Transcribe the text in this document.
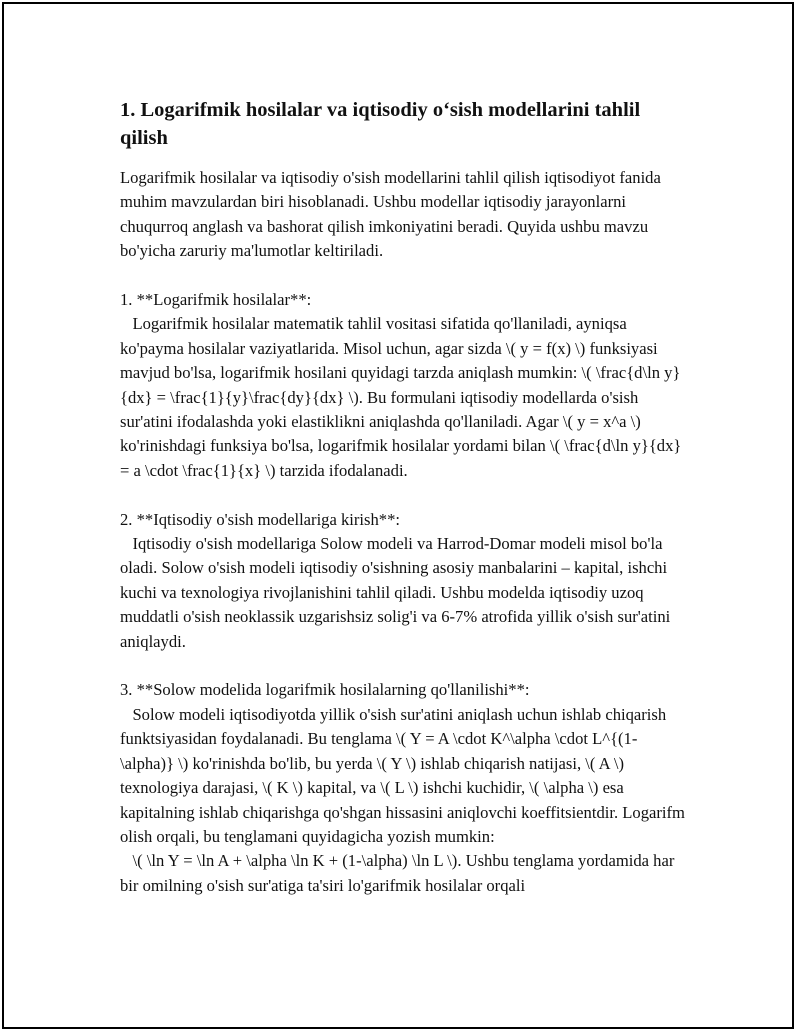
1. Logarifmik hosilalar va iqtisodiy o‘sish modellarini tahlil qilish

Logarifmik hosilalar va iqtisodiy o'sish modellarini tahlil qilish iqtisodiyot fanida muhim mavzulardan biri hisoblanadi. Ushbu modellar iqtisodiy jarayonlarni chuqurroq anglash va bashorat qilish imkoniyatini beradi. Quyida ushbu mavzu bo'yicha zaruriy ma'lumotlar keltiriladi.

1. **Logarifmik hosilalar**:

Logarifmik hosilalar matematik tahlil vositasi sifatida qo'llaniladi, ayniqsa ko'payma hosilalar vaziyatlarida. Misol uchun, agar sizda \( y = f(x) \) funksiyasi mavjud bo'lsa, logarifmik hosilani quyidagi tarzda aniqlash mumkin: \( \frac{d\ln y}{dx} = \frac{1}{y}\frac{dy}{dx} \). Bu formulani iqtisodiy modellarda o'sish sur'atini ifodalashda yoki elastiklikni aniqlashda qo'llaniladi. Agar \( y = x^a \) ko'rinishdagi funksiya bo'lsa, logarifmik hosilalar yordami bilan \( \frac{d\ln y}{dx} = a \cdot \frac{1}{x} \) tarzida ifodalanadi.

2. **Iqtisodiy o'sish modellariga kirish**:

Iqtisodiy o'sish modellariga Solow modeli va Harrod-Domar modeli misol bo'la oladi. Solow o'sish modeli iqtisodiy o'sishning asosiy manbalarini – kapital, ishchi kuchi va texnologiya rivojlanishini tahlil qiladi. Ushbu modelda iqtisodiy uzoq muddatli o'sish neoklassik uzgarishsiz solig'i va 6-7% atrofida yillik o'sish sur'atini aniqlaydi.

3. **Solow modelida logarifmik hosilalarning qo'llanilishi**:

Solow modeli iqtisodiyotda yillik o'sish sur'atini aniqlash uchun ishlab chiqarish funktsiyasidan foydalanadi. Bu tenglama \( Y = A \cdot K^\alpha \cdot L^{(1-\alpha)} \) ko'rinishda bo'lib, bu yerda \( Y \) ishlab chiqarish natijasi, \( A \) texnologiya darajasi, \( K \) kapital, va \( L \) ishchi kuchidir, \( \alpha \) esa kapitalning ishlab chiqarishga qo'shgan hissasini aniqlovchi koeffitsientdir. Logarifm olish orqali, bu tenglamani quyidagicha yozish mumkin:

\( \ln Y = \ln A + \alpha \ln K + (1-\alpha) \ln L \). Ushbu tenglama yordamida har bir omilning o'sish sur'atiga ta'siri lo'garifmik hosilalar orqali
